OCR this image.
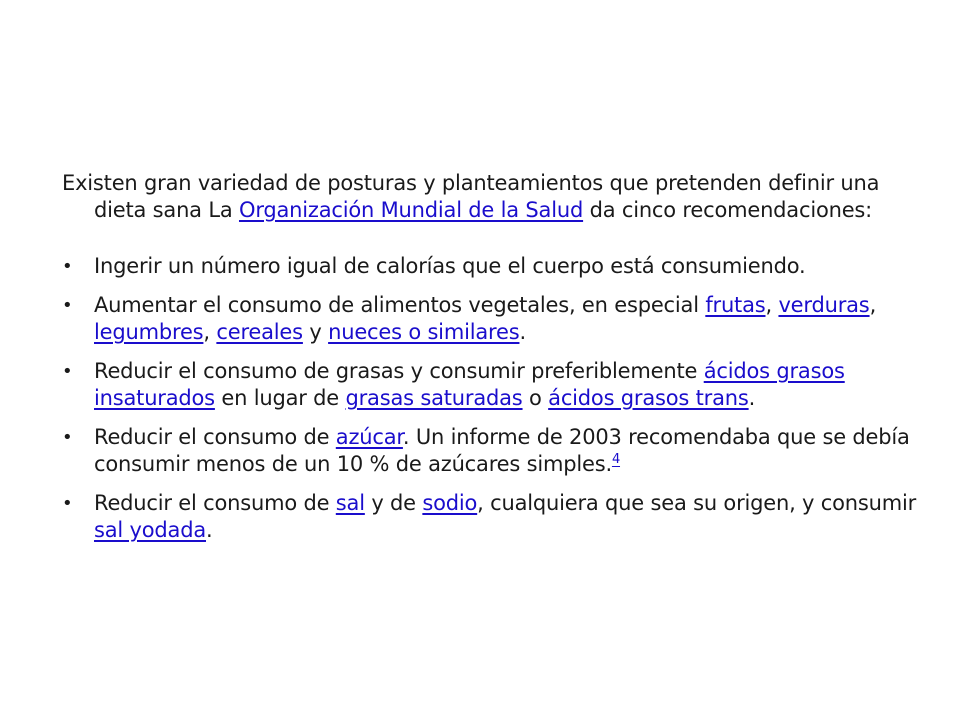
Existen gran variedad de posturas y planteamientos que pretenden definir una dieta sana La Organización Mundial de la Salud da cinco recomendaciones:

•	Ingerir un número igual de calorías que el cuerpo está consumiendo.
•	Aumentar el consumo de alimentos vegetales, en especial frutas, verduras, legumbres, cereales y nueces o similares.
•	Reducir el consumo de grasas y consumir preferiblemente ácidos grasos insaturados en lugar de grasas saturadas o ácidos grasos trans.
•	Reducir el consumo de azúcar. Un informe de 2003 recomendaba que se debía consumir menos de un 10 % de azúcares simples.$^4$
•	Reducir el consumo de sal y de sodio, cualquiera que sea su origen, y consumir sal yodada.
